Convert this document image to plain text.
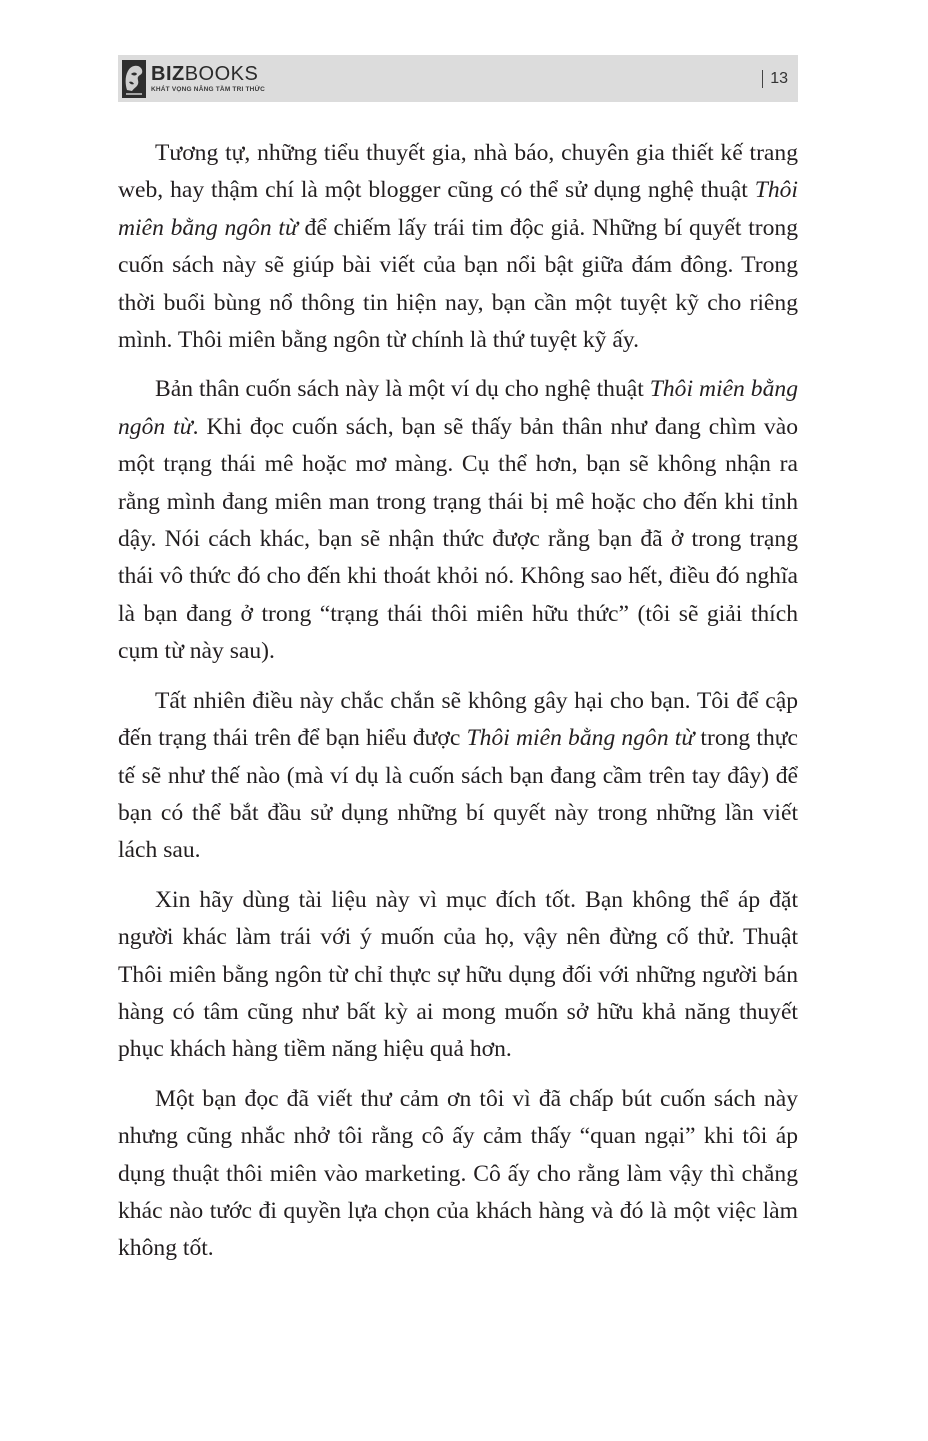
BIZBOOKS
KHÁT VỌNG NÂNG TẦM TRI THỨC
13

Tương tự, những tiểu thuyết gia, nhà báo, chuyên gia thiết kế trang web, hay thậm chí là một blogger cũng có thể sử dụng nghệ thuật Thôi miên bằng ngôn từ để chiếm lấy trái tim độc giả. Những bí quyết trong cuốn sách này sẽ giúp bài viết của bạn nổi bật giữa đám đông. Trong thời buổi bùng nổ thông tin hiện nay, bạn cần một tuyệt kỹ cho riêng mình. Thôi miên bằng ngôn từ chính là thứ tuyệt kỹ ấy.

Bản thân cuốn sách này là một ví dụ cho nghệ thuật Thôi miên bằng ngôn từ. Khi đọc cuốn sách, bạn sẽ thấy bản thân như đang chìm vào một trạng thái mê hoặc mơ màng. Cụ thể hơn, bạn sẽ không nhận ra rằng mình đang miên man trong trạng thái bị mê hoặc cho đến khi tỉnh dậy. Nói cách khác, bạn sẽ nhận thức được rằng bạn đã ở trong trạng thái vô thức đó cho đến khi thoát khỏi nó. Không sao hết, điều đó nghĩa là bạn đang ở trong “trạng thái thôi miên hữu thức” (tôi sẽ giải thích cụm từ này sau).

Tất nhiên điều này chắc chắn sẽ không gây hại cho bạn. Tôi để cập đến trạng thái trên để bạn hiểu được Thôi miên bằng ngôn từ trong thực tế sẽ như thế nào (mà ví dụ là cuốn sách bạn đang cầm trên tay đây) để bạn có thể bắt đầu sử dụng những bí quyết này trong những lần viết lách sau.

Xin hãy dùng tài liệu này vì mục đích tốt. Bạn không thể áp đặt người khác làm trái với ý muốn của họ, vậy nên đừng cố thử. Thuật Thôi miên bằng ngôn từ chỉ thực sự hữu dụng đối với những người bán hàng có tâm cũng như bất kỳ ai mong muốn sở hữu khả năng thuyết phục khách hàng tiềm năng hiệu quả hơn.

Một bạn đọc đã viết thư cảm ơn tôi vì đã chấp bút cuốn sách này nhưng cũng nhắc nhở tôi rằng cô ấy cảm thấy “quan ngại” khi tôi áp dụng thuật thôi miên vào marketing. Cô ấy cho rằng làm vậy thì chẳng khác nào tước đi quyền lựa chọn của khách hàng và đó là một việc làm không tốt.
